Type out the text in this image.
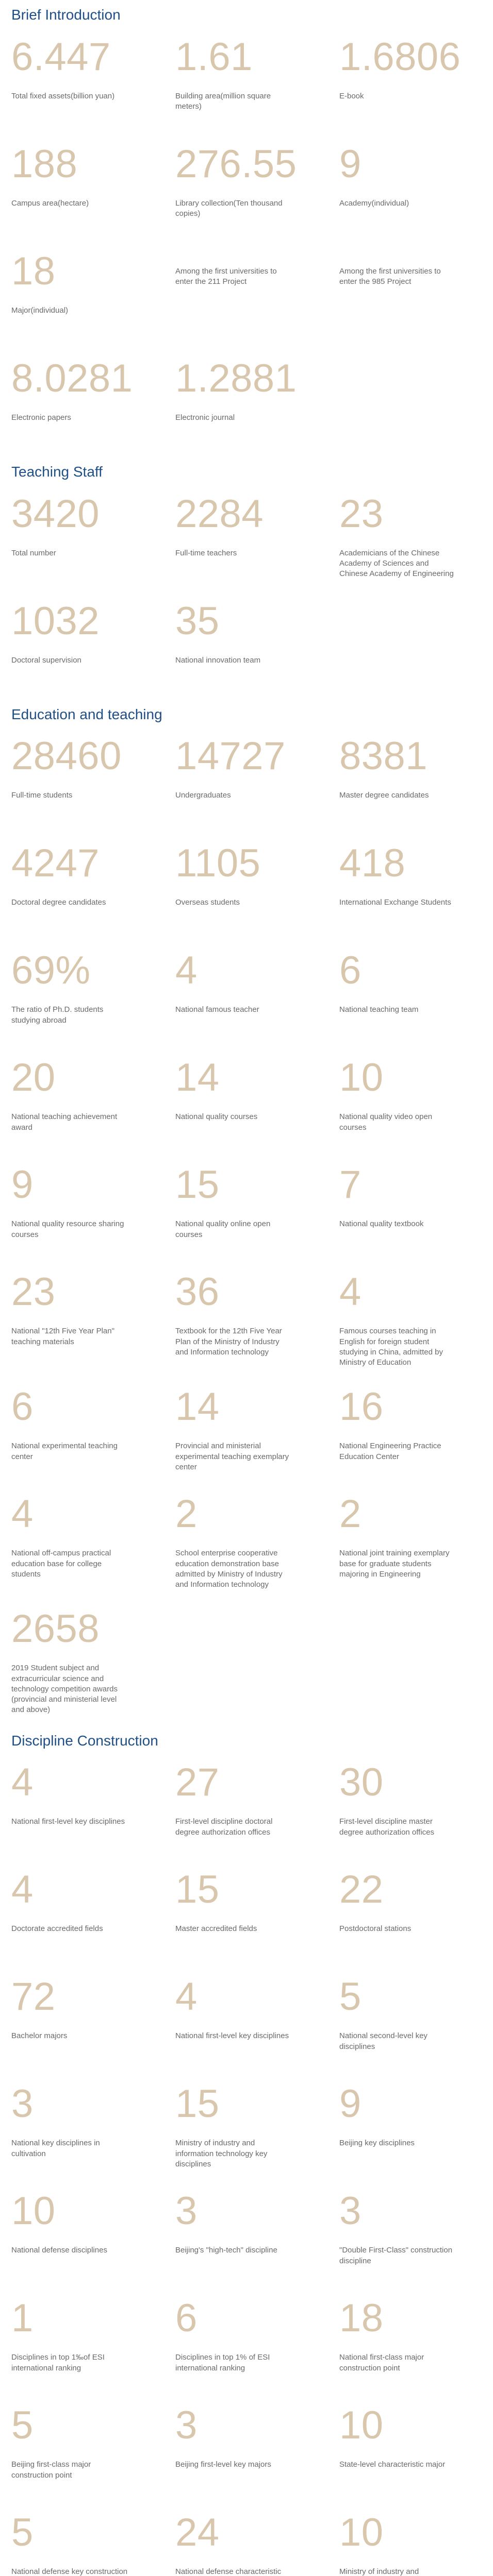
Brief Introduction
6.447
Total fixed assets(billion yuan)
1.61
Building area(million square meters)
1.6806
E-book
188
Campus area(hectare)
276.55
Library collection(Ten thousand copies)
9
Academy(individual)
18
Major(individual)
Among the first universities to enter the 211 Project
Among the first universities to enter the 985 Project
8.0281
Electronic papers
1.2881
Electronic journal
Teaching Staff
3420
Total number
2284
Full-time teachers
23
Academicians of the Chinese Academy of Sciences and Chinese Academy of Engineering
1032
Doctoral supervision
35
National innovation team
Education and teaching
28460
Full-time students
14727
Undergraduates
8381
Master degree candidates
4247
Doctoral degree candidates
1105
Overseas students
418
International Exchange Students
69%
The ratio of Ph.D. students studying abroad
4
National famous teacher
6
National teaching team
20
National teaching achievement award
14
National quality courses
10
National quality video open courses
9
National quality resource sharing courses
15
National quality online open courses
7
National quality textbook
23
National "12th Five Year Plan" teaching materials
36
Textbook for the 12th Five Year Plan of the Ministry of Industry and Information technology
4
Famous courses teaching in English for foreign student studying in China, admitted by Ministry of Education
6
National experimental teaching center
14
Provincial and ministerial experimental teaching exemplary center
16
National Engineering Practice Education Center
4
National off-campus practical education base for college students
2
School enterprise cooperative education demonstration base admitted by Ministry of Industry and Information technology
2
National joint training exemplary base for graduate students majoring in Engineering
2658
2019 Student subject and extracurricular science and technology competition awards (provincial and ministerial level and above)
Discipline Construction
4
National first-level key disciplines
27
First-level discipline doctoral degree authorization offices
30
First-level discipline master degree authorization offices
4
Doctorate accredited fields
15
Master accredited fields
22
Postdoctoral stations
72
Bachelor majors
4
National first-level key disciplines
5
National second-level key disciplines
3
National key disciplines in cultivation
15
Ministry of industry and information technology key disciplines
9
Beijing key disciplines
10
National defense disciplines
3
Beijing's "high-tech" discipline
3
"Double First-Class" construction discipline
1
Disciplines in top 1‰of ESI international ranking
6
Disciplines in top 1% of ESI international ranking
18
National first-class major construction point
5
Beijing first-class major construction point
3
Beijing first-level key majors
10
State-level characteristic major
5
National defense key construction
24
National defense characteristic
10
Ministry of industry and
